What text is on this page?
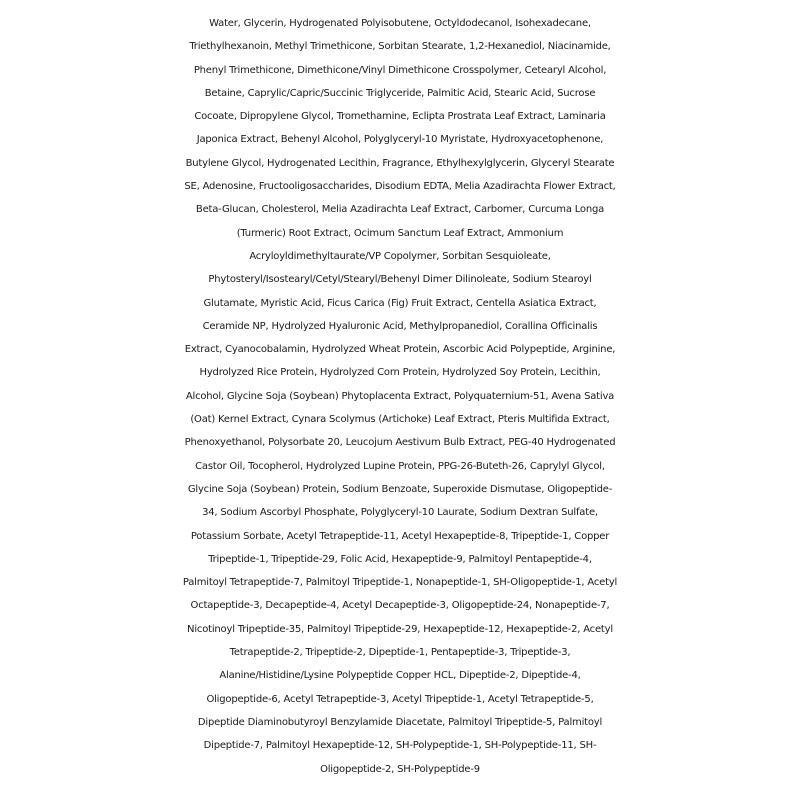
Water, Glycerin, Hydrogenated Polyisobutene, Octyldodecanol, Isohexadecane,
Triethylhexanoin, Methyl Trimethicone, Sorbitan Stearate, 1,2-Hexanediol, Niacinamide,
Phenyl Trimethicone, Dimethicone/Vinyl Dimethicone Crosspolymer, Cetearyl Alcohol,
Betaine, Caprylic/Capric/Succinic Triglyceride, Palmitic Acid, Stearic Acid, Sucrose
Cocoate, Dipropylene Glycol, Tromethamine, Eclipta Prostrata Leaf Extract, Laminaria
Japonica Extract, Behenyl Alcohol, Polyglyceryl-10 Myristate, Hydroxyacetophenone,
Butylene Glycol, Hydrogenated Lecithin, Fragrance, Ethylhexylglycerin, Glyceryl Stearate
SE, Adenosine, Fructooligosaccharides, Disodium EDTA, Melia Azadirachta Flower Extract,
Beta-Glucan, Cholesterol, Melia Azadirachta Leaf Extract, Carbomer, Curcuma Longa
(Turmeric) Root Extract, Ocimum Sanctum Leaf Extract, Ammonium
Acryloyldimethyltaurate/VP Copolymer, Sorbitan Sesquioleate,
Phytosteryl/Isostearyl/Cetyl/Stearyl/Behenyl Dimer Dilinoleate, Sodium Stearoyl
Glutamate, Myristic Acid, Ficus Carica (Fig) Fruit Extract, Centella Asiatica Extract,
Ceramide NP, Hydrolyzed Hyaluronic Acid, Methylpropanediol, Corallina Officinalis
Extract, Cyanocobalamin, Hydrolyzed Wheat Protein, Ascorbic Acid Polypeptide, Arginine,
Hydrolyzed Rice Protein, Hydrolyzed Corn Protein, Hydrolyzed Soy Protein, Lecithin,
Alcohol, Glycine Soja (Soybean) Phytoplacenta Extract, Polyquaternium-51, Avena Sativa
(Oat) Kernel Extract, Cynara Scolymus (Artichoke) Leaf Extract, Pteris Multifida Extract,
Phenoxyethanol, Polysorbate 20, Leucojum Aestivum Bulb Extract, PEG-40 Hydrogenated
Castor Oil, Tocopherol, Hydrolyzed Lupine Protein, PPG-26-Buteth-26, Caprylyl Glycol,
Glycine Soja (Soybean) Protein, Sodium Benzoate, Superoxide Dismutase, Oligopeptide-
34, Sodium Ascorbyl Phosphate, Polyglyceryl-10 Laurate, Sodium Dextran Sulfate,
Potassium Sorbate, Acetyl Tetrapeptide-11, Acetyl Hexapeptide-8, Tripeptide-1, Copper
Tripeptide-1, Tripeptide-29, Folic Acid, Hexapeptide-9, Palmitoyl Pentapeptide-4,
Palmitoyl Tetrapeptide-7, Palmitoyl Tripeptide-1, Nonapeptide-1, SH-Oligopeptide-1, Acetyl
Octapeptide-3, Decapeptide-4, Acetyl Decapeptide-3, Oligopeptide-24, Nonapeptide-7,
Nicotinoyl Tripeptide-35, Palmitoyl Tripeptide-29, Hexapeptide-12, Hexapeptide-2, Acetyl
Tetrapeptide-2, Tripeptide-2, Dipeptide-1, Pentapeptide-3, Tripeptide-3,
Alanine/Histidine/Lysine Polypeptide Copper HCL, Dipeptide-2, Dipeptide-4,
Oligopeptide-6, Acetyl Tetrapeptide-3, Acetyl Tripeptide-1, Acetyl Tetrapeptide-5,
Dipeptide Diaminobutyroyl Benzylamide Diacetate, Palmitoyl Tripeptide-5, Palmitoyl
Dipeptide-7, Palmitoyl Hexapeptide-12, SH-Polypeptide-1, SH-Polypeptide-11, SH-
Oligopeptide-2, SH-Polypeptide-9
